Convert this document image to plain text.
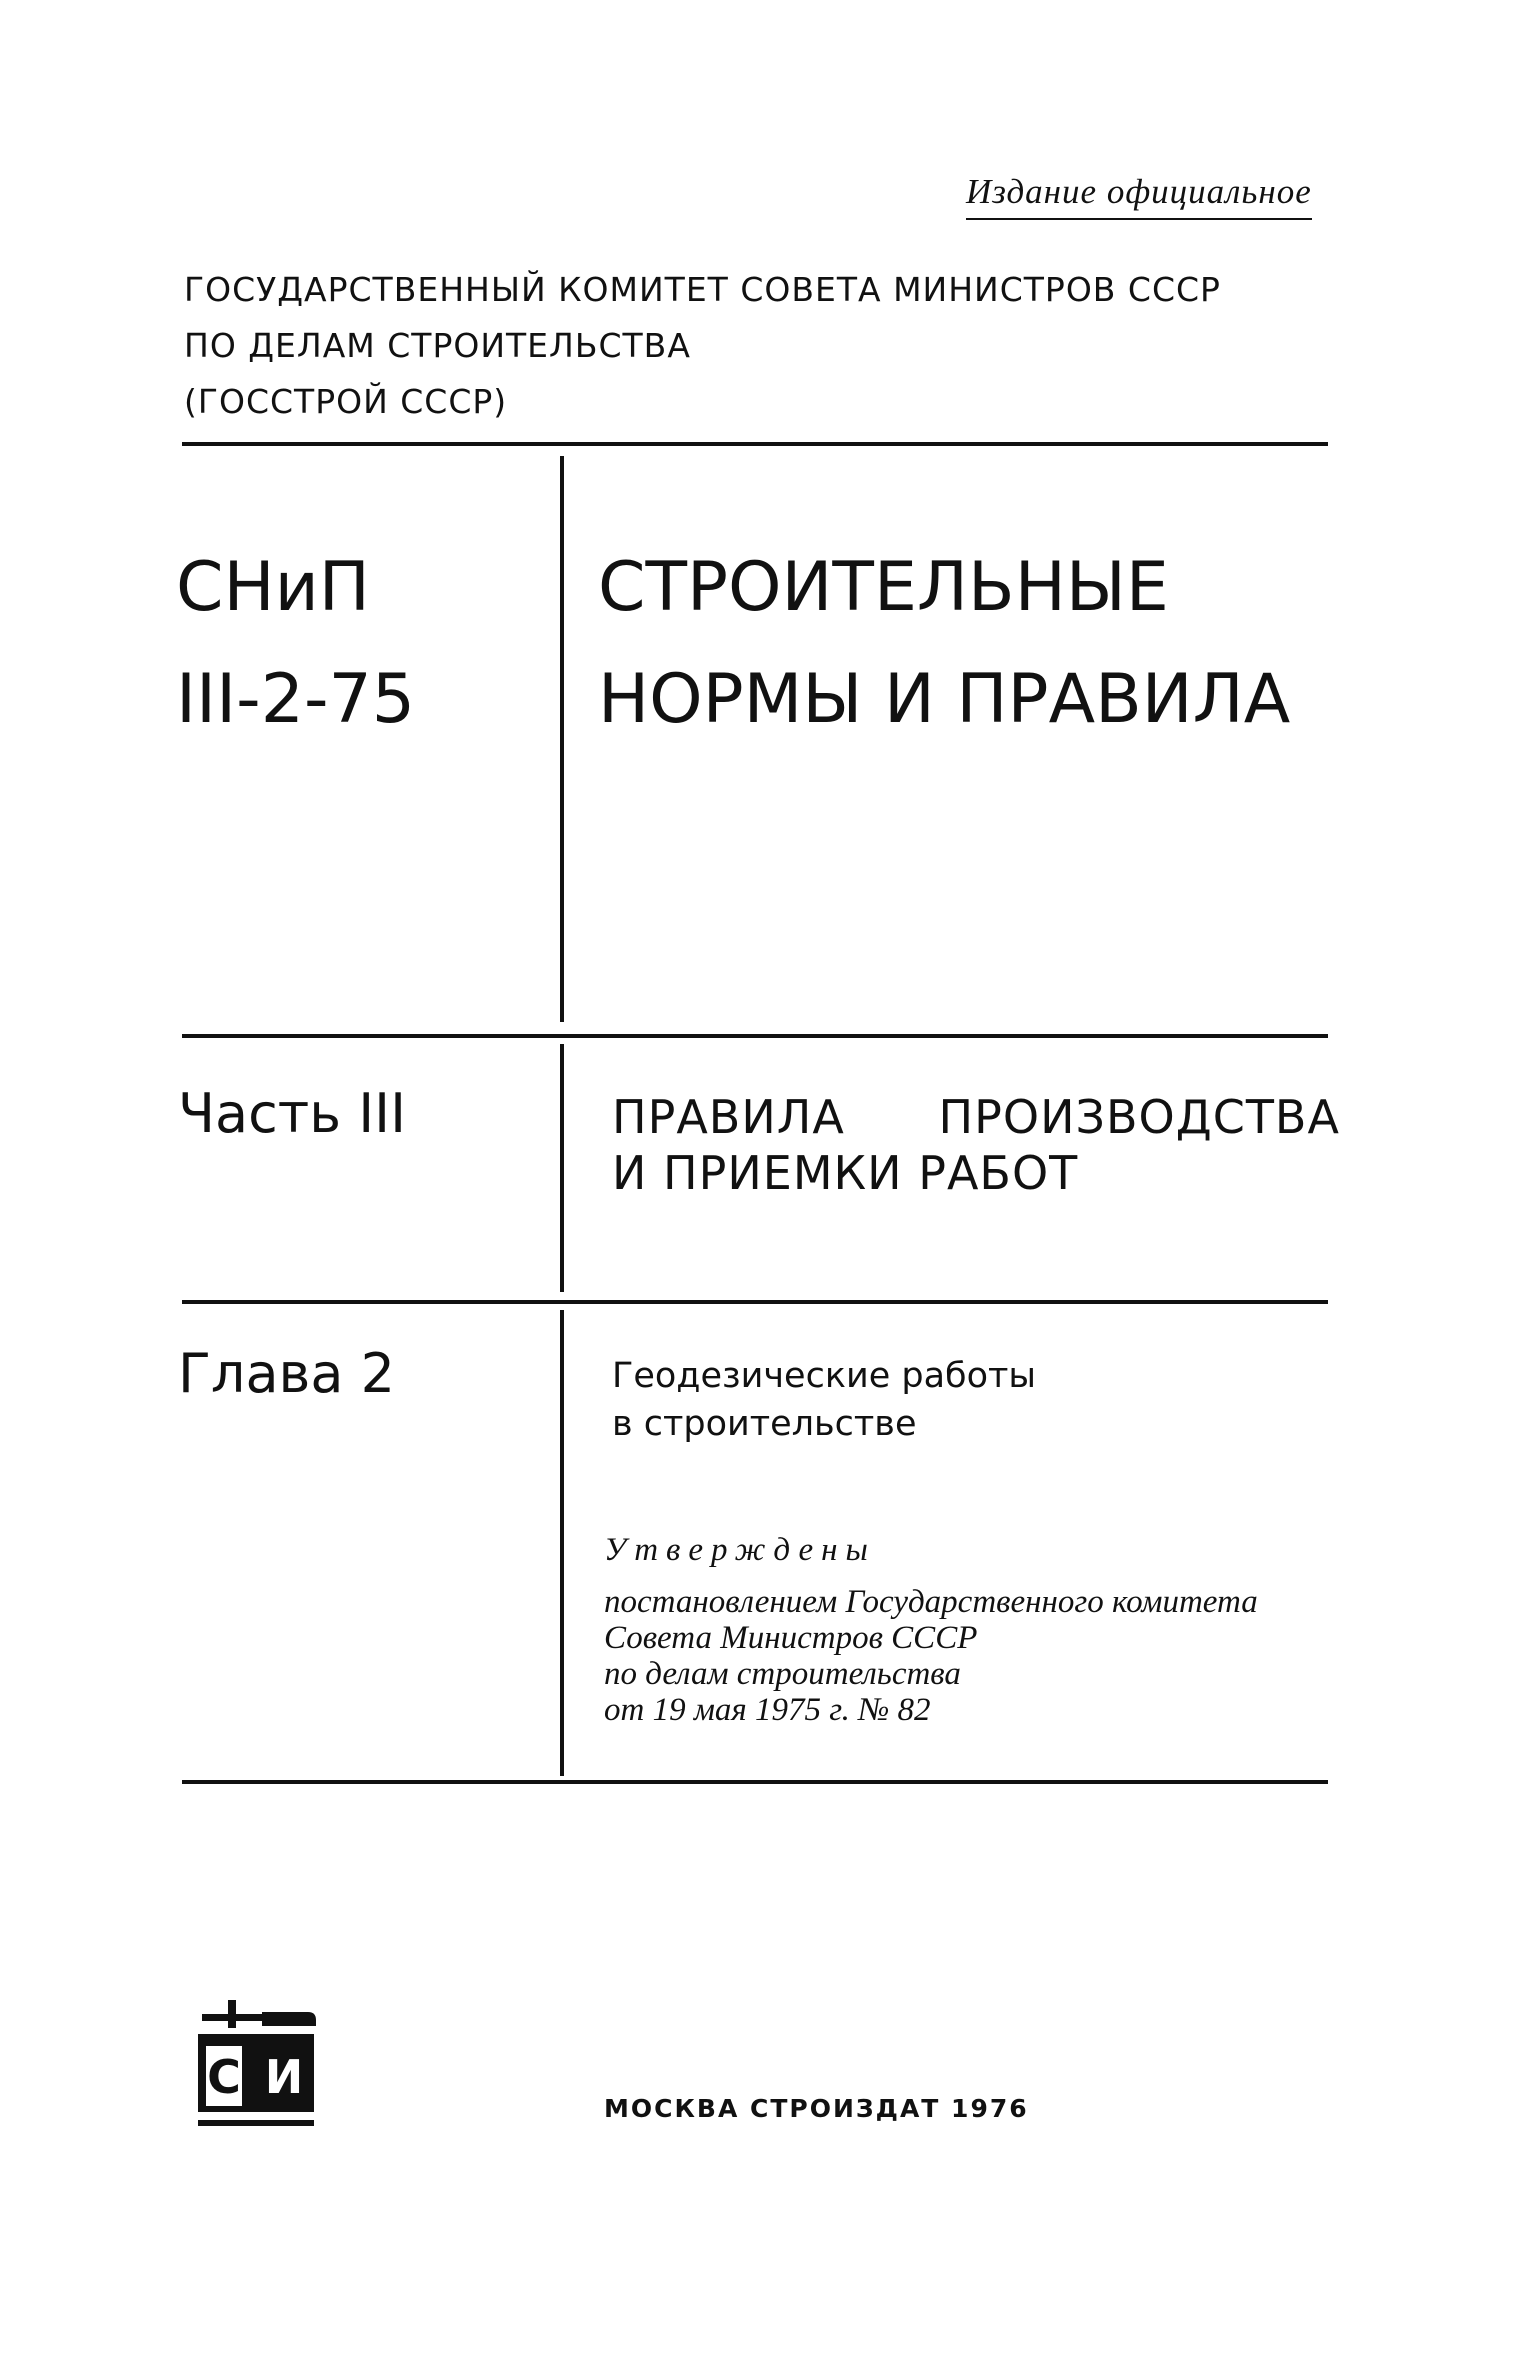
Издание официальное
ГОСУДАРСТВЕННЫЙ КОМИТЕТ СОВЕТА МИНИСТРОВ СССР
ПО ДЕЛАМ СТРОИТЕЛЬСТВА
(ГОССТРОЙ СССР)
СНиП
III-2-75
СТРОИТЕЛЬНЫЕ
НОРМЫ И ПРАВИЛА
Часть III	ПРАВИЛА      ПРОИЗВОДСТВА
И ПРИЕМКИ РАБОТ
Глава 2	Геодезические работы
в строительстве
Утверждены
постановлением Государственного комитета
Совета Министров СССР
по делам строительства
от 19 мая 1975 г. № 82
С И
МОСКВА СТРОИЗДАТ 1976
